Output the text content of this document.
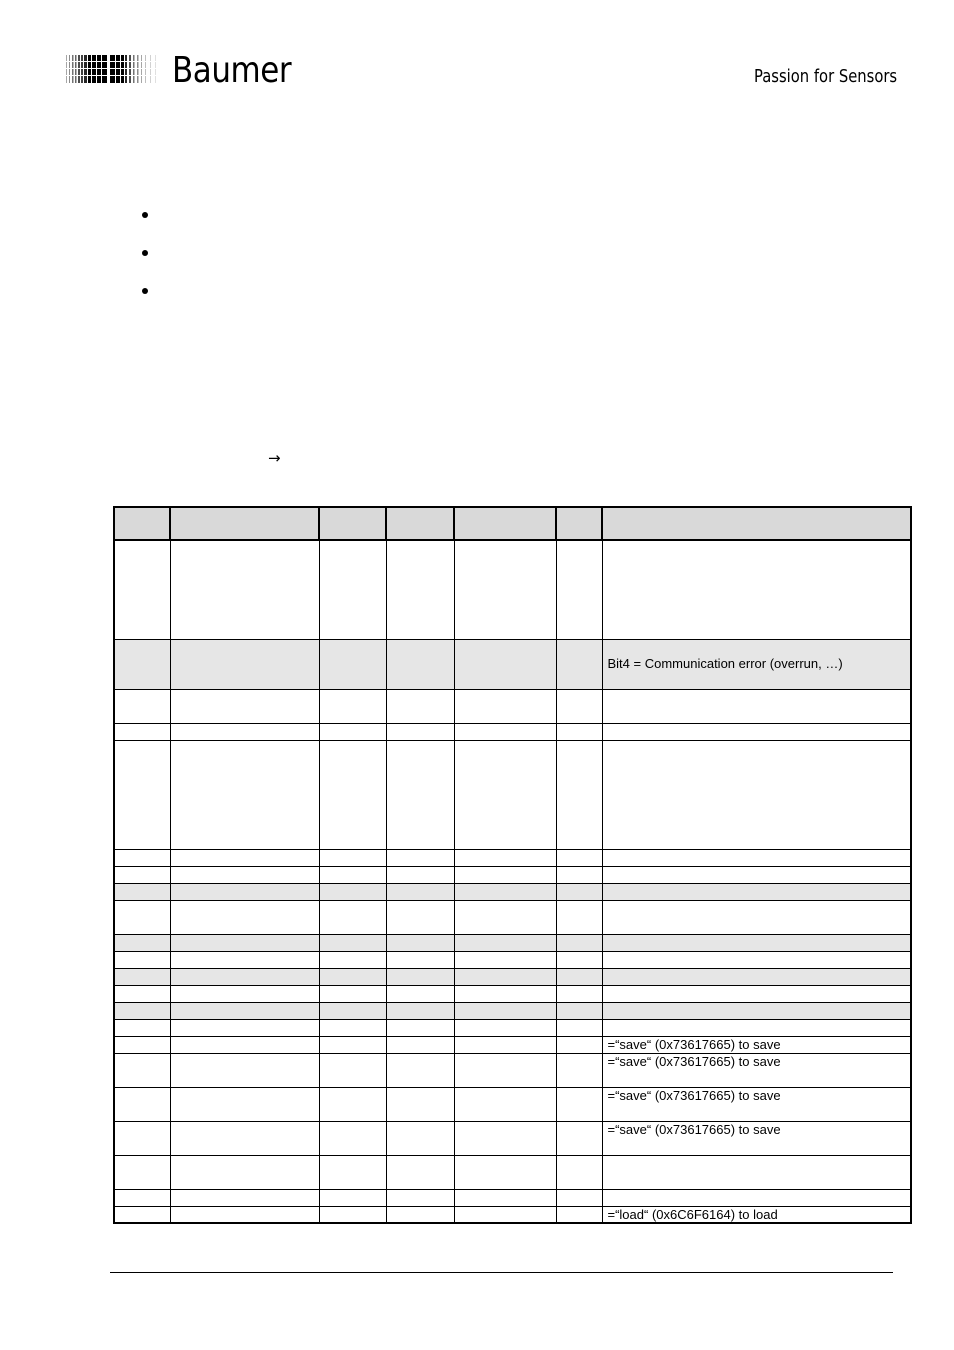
Baumer	Passion for Sensors
→

						Bit4 = Communication error (overrun, …)

						=“save“ (0x73617665) to save
						=“save“ (0x73617665) to save
						=“save“ (0x73617665) to save
						=“save“ (0x73617665) to save

						=“load“ (0x6C6F6164) to load
